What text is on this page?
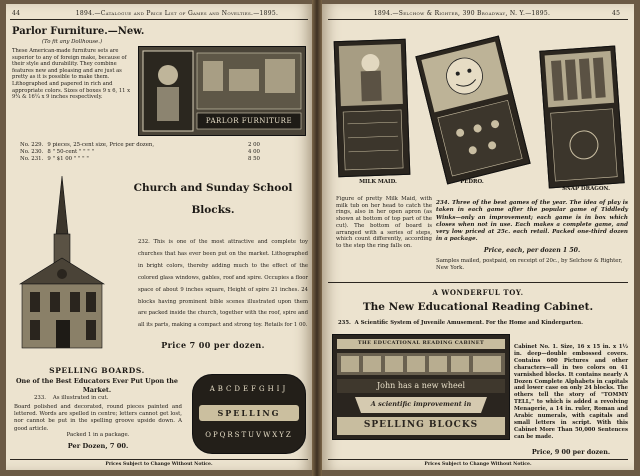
44	1894.—Catalogue and Price List of Games and Novelties.—1895.
Parlor Furniture.—New.
(To fit any Dollhouse.)
These American-made furniture sets are superior to any of foreign make, because of their style and durability. They combine features new and pleasing and are just as pretty as it is possible to make them. Lithographed and papered in rich and appropriate colors. Sizes of boxes 9 x 6, 11 x 9¾ & 16¼ x 9 inches respectively.
No. 229. 9 pieces, 25-cent size, Price per dozen,	2 00
No. 230. 8 " 50-cent " " " "	4 00
No. 231. 9 " $1 00 " " " "	8 50
PARLOR FURNITURE
Church and Sunday School
Blocks.
232. This is one of the most attractive and complete toy churches that has ever been put on the market. Lithographed in bright colors, thereby adding much to the effect of the colored glass windows, gables, roof and spire. Occupies a floor space of about 9 inches square, Height of spire 21 inches. 24 blocks having prominent bible scenes illustrated upon them are packed inside the church, together with the roof, spire and all its parts, making a compact and strong toy. Retails for 1 00.
Price 7 00 per dozen.
SPELLING BOARDS.
One of the Best Educators Ever Put Upon the Market.
233. As illustrated in cut.
Board polished and decorated, round pieces painted and lettered. Words are spelled in centre; letters cannot get lost, nor cannot be put in the spelling groove upside down. A good article.
Packed 1 in a package.
Per Dozen, 7 00.
ABCDEFGHIJ
SPELLING
OPQRSTUVWXYZ
Prices Subject to Change Without Notice.
1894.—Selchow & Righter, 390 Broadway, N. Y.—1895.	45
MILK MAID.	PEDRO.
SNAP DRAGON.
Figure of pretty Milk Maid, with milk tub on her head to catch the rings, also in her open apron (as shown at bottom of top part of the cut). The bottom of board is arranged with a series of steps, which count differently, according to the step the ring falls on.
234. Three of the best games of the year. The idea of play is taken in each game after the popular game of Tiddledy Winks—only an improvement; each game is in box which closes when not in use. Each makes a complete game, and very low priced at 25c. each retail. Packed one-third dozen in a package.
Price, each, per dozen 1 50.
Samples mailed, postpaid, on receipt of 20c., by Selchow & Righter, New York.
A WONDERFUL TOY.
The New Educational Reading Cabinet.
235. A Scientific System of Juvenile Amusement. For the Home and Kindergarten.
THE EDUCATIONAL READING CABINET
John has a new wheel
A scientific improvement in
SPELLING BLOCKS
Cabinet No. 1. Size, 16 x 15 in. x 1½ in. deep—double embossed covers. Contains 600 Pictures and other characters—all in two colors on 41 varnished blocks. It contains nearly A Dozen Complete Alphabets in capitals and lower case on only 24 blocks. The others tell the story of "TOMMY TELL," to which is added a revolving Menagerie, a 14 in. ruler, Roman and Arabic numerals, with capitals and small letters in script. With this Cabinet More Than 50,000 Sentences can be made.
Price, 9 00 per dozen.
Prices Subject to Change Without Notice.
